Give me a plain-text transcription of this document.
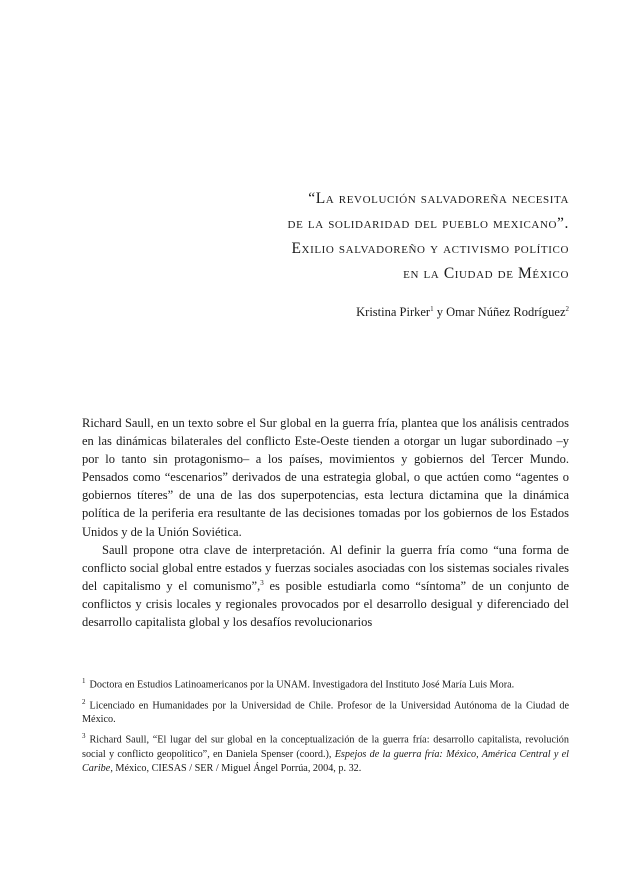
“La revolución salvadoreña necesita
de la solidaridad del pueblo mexicano”.
Exilio salvadoreño y activismo político
en la Ciudad de México
Kristina Pirker$^1$ y Omar Núñez Rodríguez$^2$

Richard Saull, en un texto sobre el Sur global en la guerra fría, plantea que los análisis centrados en las dinámicas bilaterales del conflicto Este-Oeste tienden a otorgar un lugar subordinado –y por lo tanto sin protagonismo– a los países, movimientos y gobiernos del Tercer Mundo. Pensados como “escenarios” derivados de una estrategia global, o que actúen como “agentes o gobiernos títeres” de una de las dos superpotencias, esta lectura dictamina que la dinámica política de la periferia era resultante de las decisiones tomadas por los gobiernos de los Estados Unidos y de la Unión Soviética.

Saull propone otra clave de interpretación. Al definir la guerra fría como “una forma de conflicto social global entre estados y fuerzas sociales asociadas con los sistemas sociales rivales del capitalismo y el comunismo”,$^3$ es posible estudiarla como “síntoma” de un conjunto de conflictos y crisis locales y regionales provocados por el desarrollo desigual y diferenciado del desarrollo capitalista global y los desafíos revolucionarios

$^1$ Doctora en Estudios Latinoamericanos por la UNAM. Investigadora del Instituto José María Luis Mora.

$^2$ Licenciado en Humanidades por la Universidad de Chile. Profesor de la Universidad Autónoma de la Ciudad de México.

$^3$ Richard Saull, “El lugar del sur global en la conceptualización de la guerra fría: desarrollo capitalista, revolución social y conflicto geopolítico”, en Daniela Spenser (coord.), Espejos de la guerra fría: México, América Central y el Caribe, México, CIESAS / SER / Miguel Ángel Porrúa, 2004, p. 32.
